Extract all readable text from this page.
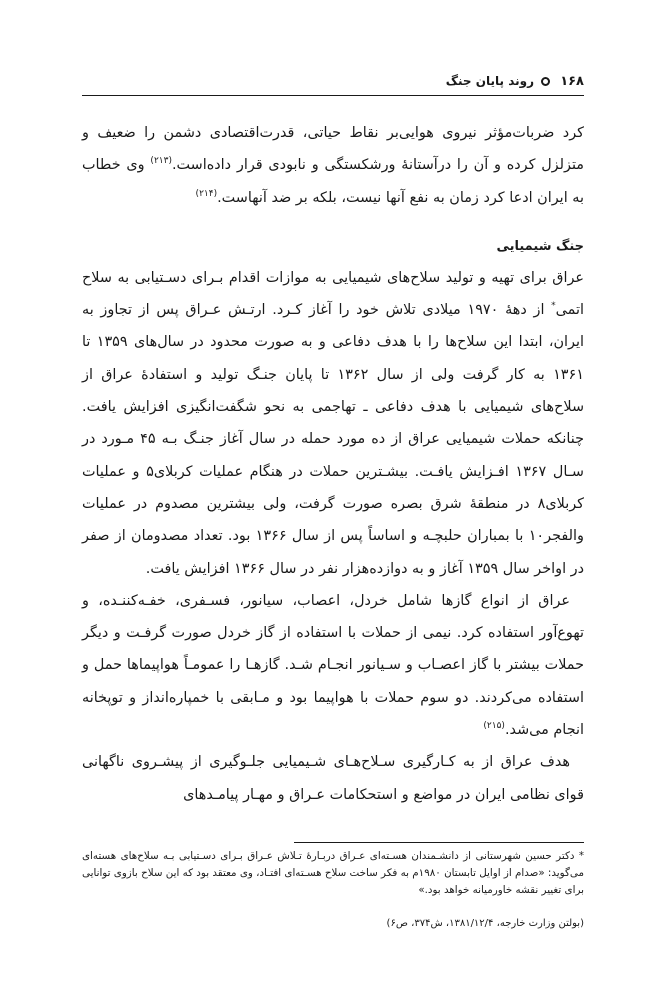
۱۶۸
روند پایان جنگ

کرد ضربات‌مؤثر نیروی هوایی‌بر نقاط حیاتی، قدرت‌اقتصادی دشمن را ضعیف و متزلزل کرده و آن را درآستانهٔ ورشکستگی و نابودی قرار داده‌است.$^{(۲۱۳)}$ وی خطاب به ایران ادعا کرد زمان به نفع آنها نیست، بلکه بر ضد آنهاست.$^{(۲۱۴)}$

جنگ شیمیایی

عراق برای تهیه و تولید سلاح‌های شیمیایی به موازات اقدام بـرای دسـتیابی به سلاح اتمی* از دههٔ ۱۹۷۰ میلادی تلاش خود را آغاز کـرد. ارتـش عـراق پس از تجاوز به ایران، ابتدا این سلاح‌ها را با هدف دفاعی و به صورت محدود در سال‌های ۱۳۵۹ تا ۱۳۶۱ به کار گرفت ولی از سال ۱۳۶۲ تا پایان جنـگ تولید و استفادهٔ عراق از سلاح‌های شیمیایی با هدف دفاعی ـ تهاجمی به نحو شگفت‌انگیزی افزایش یافت. چنانکه حملات شیمیایی عراق از ده مورد حمله در سال آغاز جنـگ بـه ۴۵ مـورد در سـال ۱۳۶۷ افـزایش یافـت. بیشـترین حملات در هنگام عملیات کربلای۵ و عملیات کربلای۸ در منطقهٔ شرق بصره صورت گرفت، ولی بیشترین مصدوم در عملیات والفجر۱۰ با بمباران حلبچـه و اساساً پس از سال ۱۳۶۶ بود. تعداد مصدومان از صفر در اواخر سال ۱۳۵۹ آغاز و به دوازده‌هزار نفر در سال ۱۳۶۶ افزایش یافت.

عراق از انواع گازها شامل خردل، اعصاب، سیانور، فسـفری، خفـه‌کننـده، و تهوع‌آور استفاده کرد. نیمی از حملات با استفاده از گاز خردل صورت گرفـت و دیگر حملات بیشتر با گاز اعصـاب و سـیانور انجـام شـد. گازهـا را عمومـاً هواپیماها حمل و استفاده می‌کردند. دو سوم حملات با هواپیما بود و مـابقی با خمپاره‌انداز و توپخانه انجام می‌شد.$^{(۲۱۵)}$

هدف عراق از به کـارگیری سـلاح‌هـای شـیمیایی جلـوگیری از پیشـروی ناگهانی قوای نظامی ایران در مواضع و استحکامات عـراق و مهـار پیامـدهای

* دکتر حسین شهرستانی از دانشـمندان هسـته‌ای عـراق دربـارهٔ تـلاش عـراق بـرای دسـتیابی بـه سلاح‌های هسته‌ای می‌گوید: «صدام از اوایل تابستان ۱۹۸۰م به فکر ساخت سلاح هسـته‌ای افتـاد، وی معتقد بود که این سلاح بازوی توانایی برای تغییر نقشه خاورمیانه خواهد بود.»

(بولتن وزارت خارجه، ۱۳۸۱/۱۲/۴، ش۳۷۴، ص۶)
